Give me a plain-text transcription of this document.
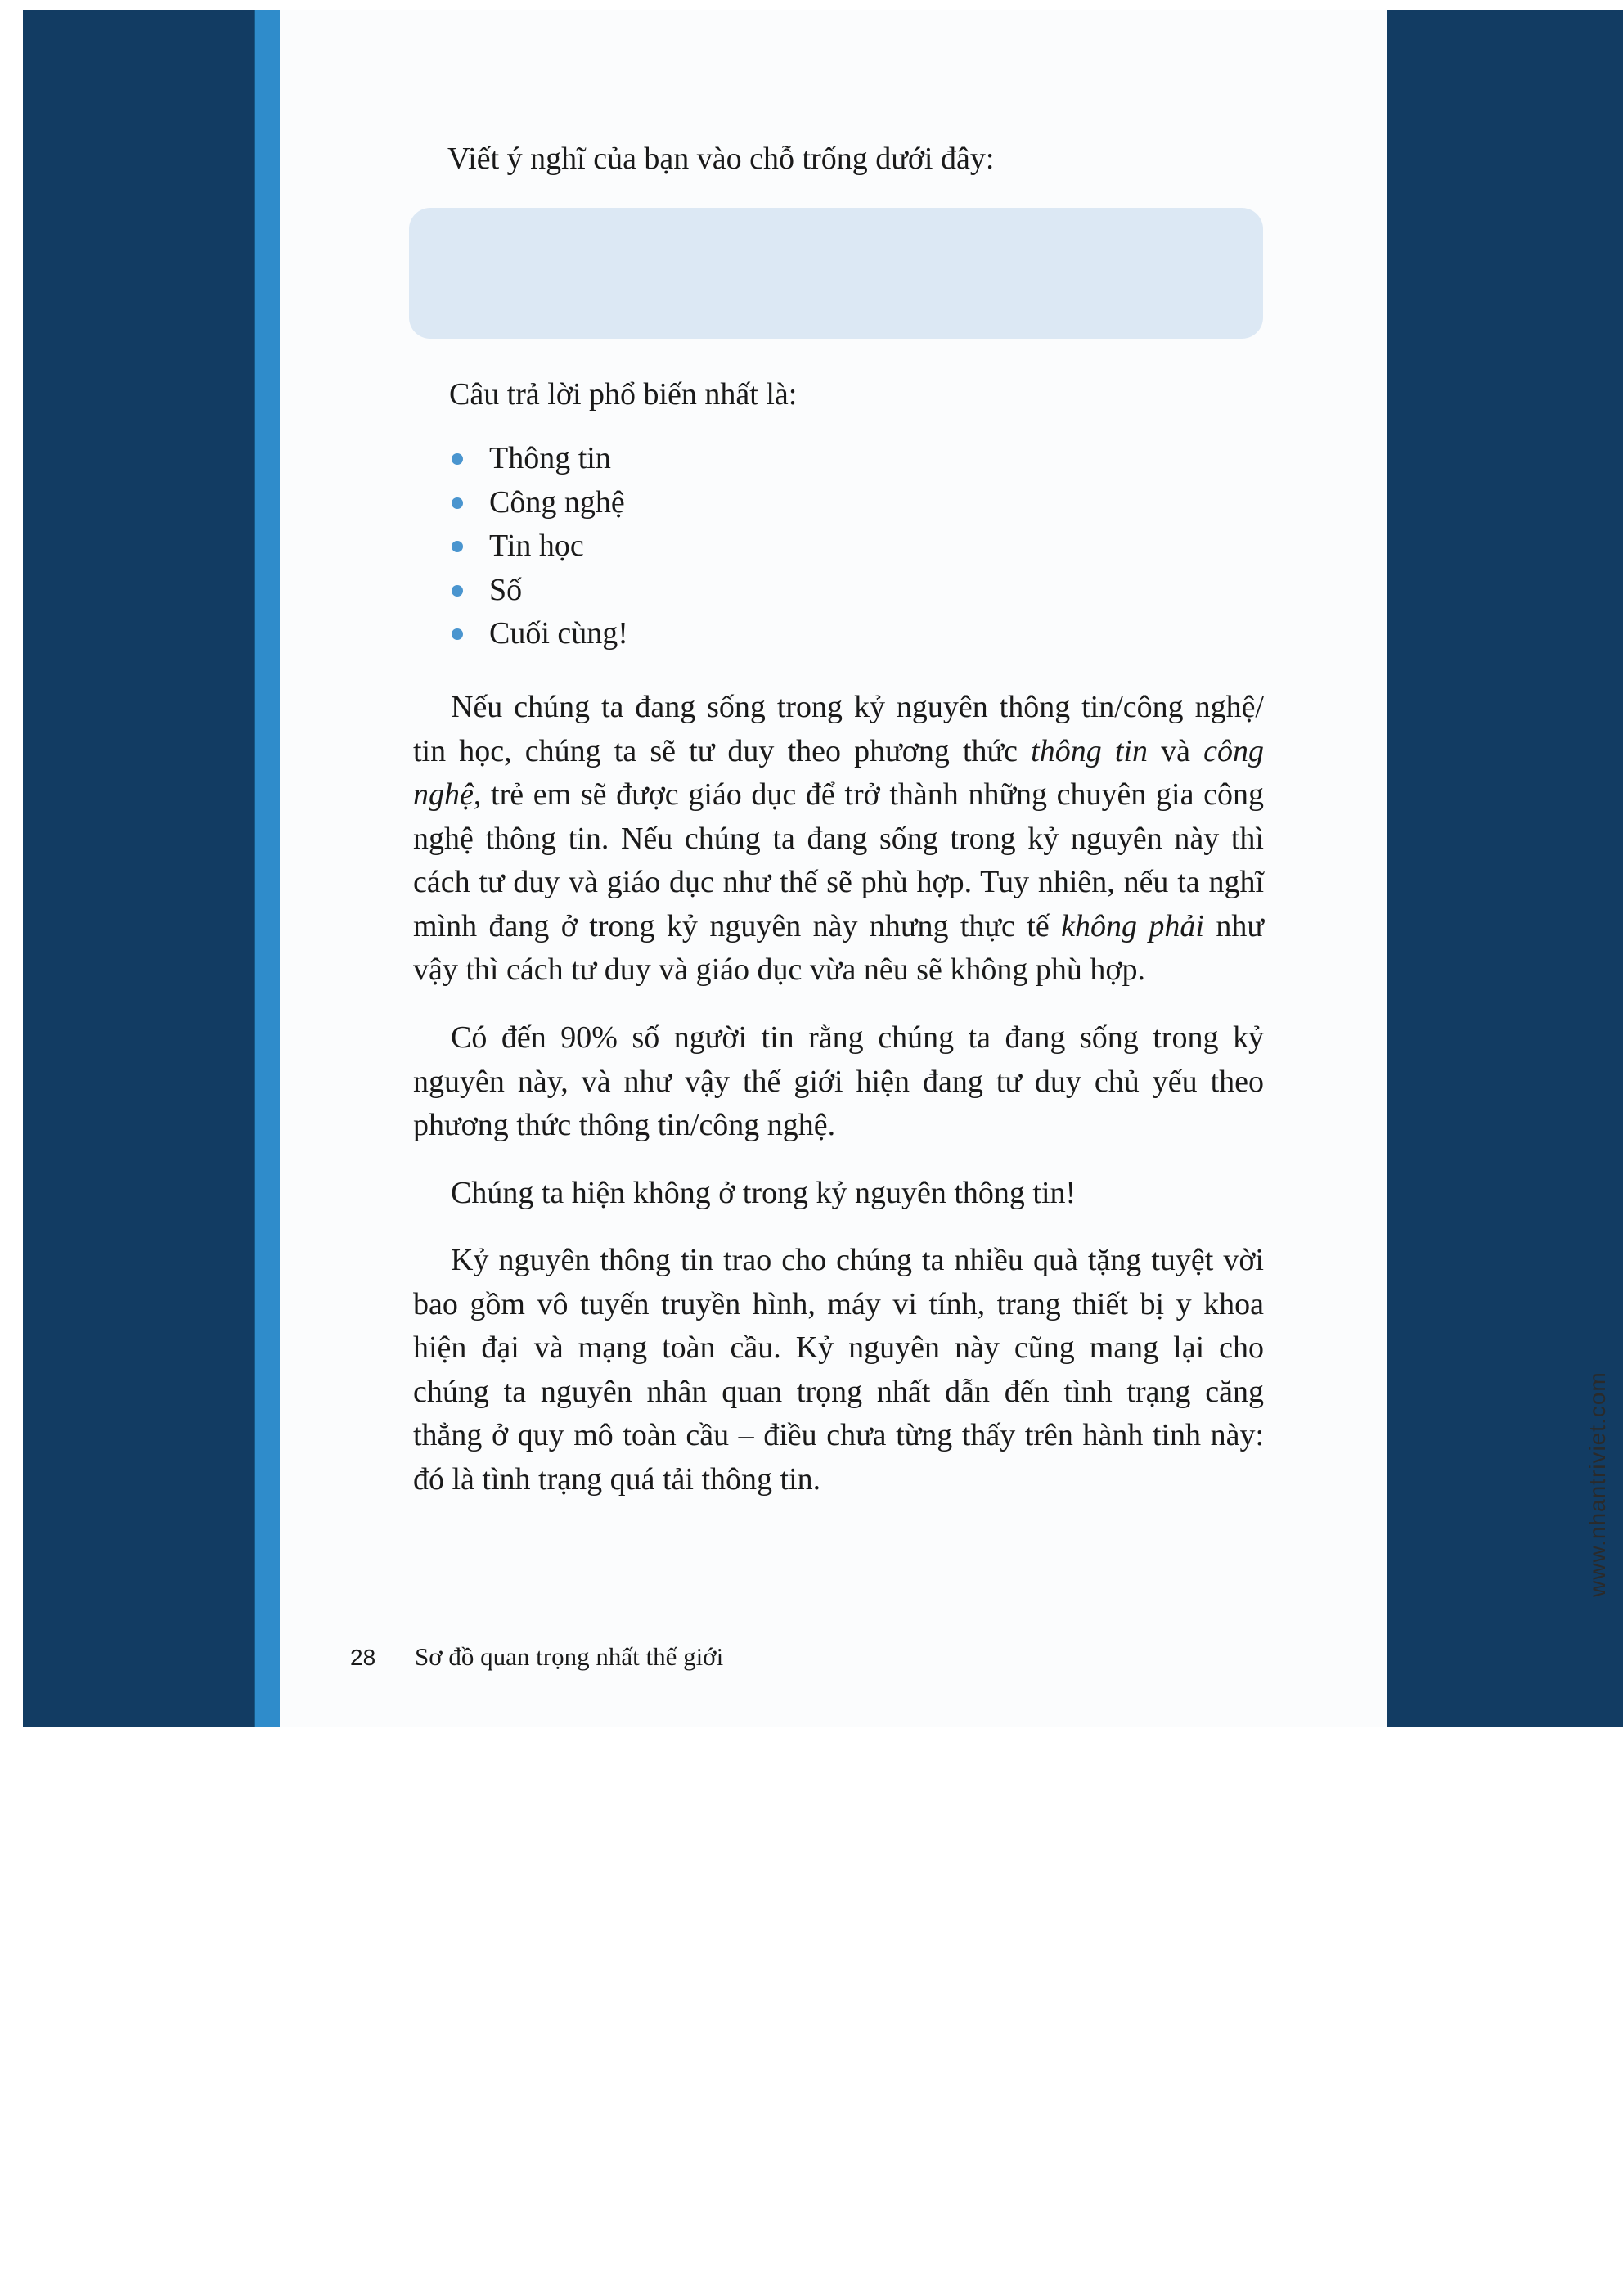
Viết ý nghĩ của bạn vào chỗ trống dưới đây:
Câu trả lời phổ biến nhất là:
Thông tin
Công nghệ
Tin học
Số
Cuối cùng!

Nếu chúng ta đang sống trong kỷ nguyên thông tin/công nghệ/ tin học, chúng ta sẽ tư duy theo phương thức thông tin và công nghệ, trẻ em sẽ được giáo dục để trở thành những chuyên gia công nghệ thông tin. Nếu chúng ta đang sống trong kỷ nguyên này thì cách tư duy và giáo dục như thế sẽ phù hợp. Tuy nhiên, nếu ta nghĩ mình đang ở trong kỷ nguyên này nhưng thực tế không phải như vậy thì cách tư duy và giáo dục vừa nêu sẽ không phù hợp.

Có đến 90% số người tin rằng chúng ta đang sống trong kỷ nguyên này, và như vậy thế giới hiện đang tư duy chủ yếu theo phương thức thông tin/công nghệ.

Chúng ta hiện không ở trong kỷ nguyên thông tin!

Kỷ nguyên thông tin trao cho chúng ta nhiều quà tặng tuyệt vời bao gồm vô tuyến truyền hình, máy vi tính, trang thiết bị y khoa hiện đại và mạng toàn cầu. Kỷ nguyên này cũng mang lại cho chúng ta nguyên nhân quan trọng nhất dẫn đến tình trạng căng thẳng ở quy mô toàn cầu – điều chưa từng thấy trên hành tinh này: đó là tình trạng quá tải thông tin.

28 Sơ đồ quan trọng nhất thế giới
www.nhantriviet.com
